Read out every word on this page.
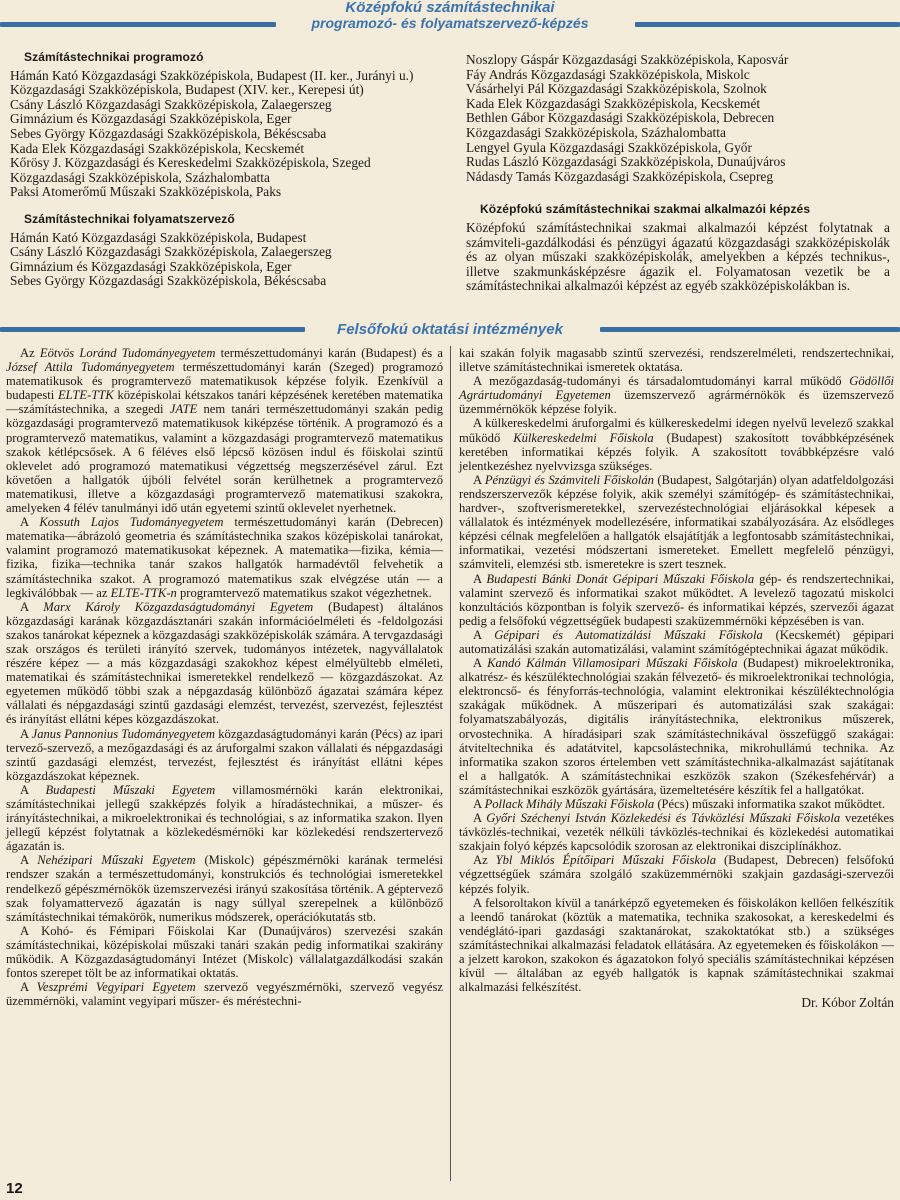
Középfokú számítástechnikai
programozó- és folyamatszervező-képzés
Számítástechnikai programozó
Hámán Kató Közgazdasági Szakközépiskola, Budapest (II. ker., Jurányi u.)
Közgazdasági Szakközépiskola, Budapest (XIV. ker., Kerepesi út)
Csány László Közgazdasági Szakközépiskola, Zalaegerszeg
Gimnázium és Közgazdasági Szakközépiskola, Eger
Sebes György Közgazdasági Szakközépiskola, Békéscsaba
Kada Elek Közgazdasági Szakközépiskola, Kecskemét
Kőrösy J. Közgazdasági és Kereskedelmi Szakközépiskola, Szeged
Közgazdasági Szakközépiskola, Százhalombatta
Paksi Atomerőmű Műszaki Szakközépiskola, Paks
Számítástechnikai folyamatszervező
Hámán Kató Közgazdasági Szakközépiskola, Budapest
Csány László Közgazdasági Szakközépiskola, Zalaegerszeg
Gimnázium és Közgazdasági Szakközépiskola, Eger
Sebes György Közgazdasági Szakközépiskola, Békéscsaba
Noszlopy Gáspár Közgazdasági Szakközépiskola, Kaposvár
Fáy András Közgazdasági Szakközépiskola, Miskolc
Vásárhelyi Pál Közgazdasági Szakközépiskola, Szolnok
Kada Elek Közgazdasági Szakközépiskola, Kecskemét
Bethlen Gábor Közgazdasági Szakközépiskola, Debrecen
Közgazdasági Szakközépiskola, Százhalombatta
Lengyel Gyula Közgazdasági Szakközépiskola, Győr
Rudas László Közgazdasági Szakközépiskola, Dunaújváros
Nádasdy Tamás Közgazdasági Szakközépiskola, Csepreg
Középfokú számítástechnikai szakmai alkalmazói képzés

Középfokú számítástechnikai szakmai alkalmazói képzést folytatnak a számviteli-gazdálkodási és pénzügyi ágazatú közgazdasági szakközépiskolák és az olyan műszaki szakközépiskolák, amelyekben a képzés technikus-, illetve szakmunkásképzésre ágazik el. Folyamatosan vezetik be a számítástechnikai alkalmazói képzést az egyéb szakközépiskolákban is.

Felsőfokú oktatási intézmények

Az Eötvös Loránd Tudományegyetem természettudományi karán (Budapest) és a József Attila Tudományegyetem természettudományi karán (Szeged) programozó matematikusok és programtervező matematikusok képzése folyik. Ezenkívül a budapesti ELTE-TTK középiskolai kétszakos tanári képzésének keretében matematika—számítástechnika, a szegedi JATE nem tanári természettudományi szakán pedig közgazdasági programtervező matematikusok kiképzése történik. A programozó és a programtervező matematikus, valamint a közgazdasági programtervező matematikus szakok kétlépcsősek. A 6 féléves első lépcső közösen indul és főiskolai szintű oklevelet adó programozó matematikusi végzettség megszerzésével zárul. Ezt követően a hallgatók újbóli felvétel során kerülhetnek a programtervező matematikusi, illetve a közgazdasági programtervező matematikusi szakokra, amelyeken 4 félév tanulmányi idő után egyetemi szintű oklevelet nyerhetnek.

A Kossuth Lajos Tudományegyetem természettudományi karán (Debrecen) matematika—ábrázoló geometria és számítástechnika szakos középiskolai tanárokat, valamint programozó matematikusokat képeznek. A matematika—fizika, kémia—fizika, fizika—technika tanár szakos hallgatók harmadévtől felvehetik a számítástechnika szakot. A programozó matematikus szak elvégzése után — a legkiválóbbak — az ELTE-TTK-n programtervező matematikus szakot végezhetnek.

A Marx Károly Közgazdaságtudományi Egyetem (Budapest) általános közgazdasági karának közgazdásztanári szakán információelméleti és -feldolgozási szakos tanárokat képeznek a közgazdasági szakközépiskolák számára. A tervgazdasági szak országos és területi irányító szervek, tudományos intézetek, nagyvállalatok részére képez — a más közgazdasági szakokhoz képest elmélyültebb elméleti, matematikai és számítástechnikai ismeretekkel rendelkező — közgazdászokat. Az egyetemen működő többi szak a népgazdaság különböző ágazatai számára képez vállalati és népgazdasági szintű gazdasági elemzést, tervezést, szervezést, fejlesztést és irányítást ellátni képes közgazdászokat.

A Janus Pannonius Tudományegyetem közgazdaságtudományi karán (Pécs) az ipari tervező-szervező, a mezőgazdasági és az áruforgalmi szakon vállalati és népgazdasági szintű gazdasági elemzést, tervezést, fejlesztést és irányítást ellátni képes közgazdászokat képeznek.

A Budapesti Műszaki Egyetem villamosmérnöki karán elektronikai, számítástechnikai jellegű szakképzés folyik a híradástechnikai, a műszer- és irányítástechnikai, a mikroelektronikai és technológiai, s az informatika szakon. Ilyen jellegű képzést folytatnak a közlekedésmérnöki kar közlekedési rendszertervező ágazatán is.

A Nehézipari Műszaki Egyetem (Miskolc) gépészmérnöki karának termelési rendszer szakán a természettudományi, konstrukciós és technológiai ismeretekkel rendelkező gépészmérnökök üzemszervezési irányú szakosítása történik. A géptervező szak folyamattervező ágazatán is nagy súllyal szerepelnek a különböző számítástechnikai témakörök, numerikus módszerek, operációkutatás stb.

A Kohó- és Fémipari Főiskolai Kar (Dunaújváros) szervezési szakán számítástechnikai, középiskolai műszaki tanári szakán pedig informatikai szakirány működik. A Közgazdaságtudományi Intézet (Miskolc) vállalatgazdálkodási szakán fontos szerepet tölt be az informatikai oktatás.

A Veszprémi Vegyipari Egyetem szervező vegyészmérnöki, szervező vegyész üzemmérnöki, valamint vegyipari műszer- és méréstechni-

kai szakán folyik magasabb szintű szervezési, rendszerelméleti, rendszertechnikai, illetve számítástechnikai ismeretek oktatása.

A mezőgazdaság-tudományi és társadalomtudományi karral működő Gödöllői Agrártudományi Egyetemen üzemszervező agrármérnökök és üzemszervező üzemmérnökök képzése folyik.

A külkereskedelmi áruforgalmi és külkereskedelmi idegen nyelvű levelező szakkal működő Külkereskedelmi Főiskola (Budapest) szakosított továbbképzésének keretében informatikai képzés folyik. A szakosított továbbképzésre való jelentkezéshez nyelvvizsga szükséges.

A Pénzügyi és Számviteli Főiskolán (Budapest, Salgótarján) olyan adatfeldolgozási rendszerszervezők képzése folyik, akik személyi számítógép- és számítástechnikai, hardver-, szoftverismeretekkel, szervezéstechnológiai eljárásokkal képesek a vállalatok és intézmények modellezésére, informatikai szabályozására. Az elsődleges képzési célnak megfelelően a hallgatók elsajátítják a legfontosabb számítástechnikai, informatikai, vezetési módszertani ismereteket. Emellett megfelelő pénzügyi, számviteli, elemzési stb. ismeretekre is szert tesznek.

A Budapesti Bánki Donát Gépipari Műszaki Főiskola gép- és rendszertechnikai, valamint szervező és informatikai szakot működtet. A levelező tagozatú miskolci konzultációs központban is folyik szervező- és informatikai képzés, szervezői ágazat pedig a felsőfokú végzettségűek budapesti szaküzemmérnöki képzésében is van.

A Gépipari és Automatizálási Műszaki Főiskola (Kecskemét) gépipari automatizálási szakán automatizálási, valamint számítógéptechnikai ágazat működik.

A Kandó Kálmán Villamosipari Műszaki Főiskola (Budapest) mikroelektronika, alkatrész- és készüléktechnológiai szakán félvezető- és mikroelektronikai technológia, elektroncső- és fényforrás-technológia, valamint elektronikai készüléktechnológia szakágak működnek. A műszeripari és automatizálási szak szakágai: folyamatszabályozás, digitális irányítástechnika, elektronikus műszerek, orvostechnika. A híradásipari szak számítástechnikával összefüggő szakágai: átviteltechnika és adatátvitel, kapcsolástechnika, mikrohullámú technika. Az informatika szakon szoros értelemben vett számítástechnika-alkalmazást sajátítanak el a hallgatók. A számítástechnikai eszközök szakon (Székesfehérvár) a számítástechnikai eszközök gyártására, üzemeltetésére készítik fel a hallgatókat.

A Pollack Mihály Műszaki Főiskola (Pécs) műszaki informatika szakot működtet.

A Győri Széchenyi István Közlekedési és Távközlési Műszaki Főiskola vezetékes távközlés-technikai, vezeték nélküli távközlés-technikai és közlekedési automatikai szakjain folyó képzés kapcsolódik szorosan az elektronikai diszciplínákhoz.

Az Ybl Miklós Építőipari Műszaki Főiskola (Budapest, Debrecen) felsőfokú végzettségűek számára szolgáló szaküzemmérnöki szakjain gazdasági-szervezői képzés folyik.

A felsoroltakon kívül a tanárképző egyetemeken és főiskolákon kellően felkészítik a leendő tanárokat (köztük a matematika, technika szakosokat, a kereskedelmi és vendéglátó-ipari gazdasági szaktanárokat, szakoktatókat stb.) a szükséges számítástechnikai alkalmazási feladatok ellátására. Az egyetemeken és főiskolákon — a jelzett karokon, szakokon és ágazatokon folyó speciális számítástechnikai képzésen kívül — általában az egyéb hallgatók is kapnak számítástechnikai szakmai alkalmazási felkészítést.

Dr. Kóbor Zoltán
12
